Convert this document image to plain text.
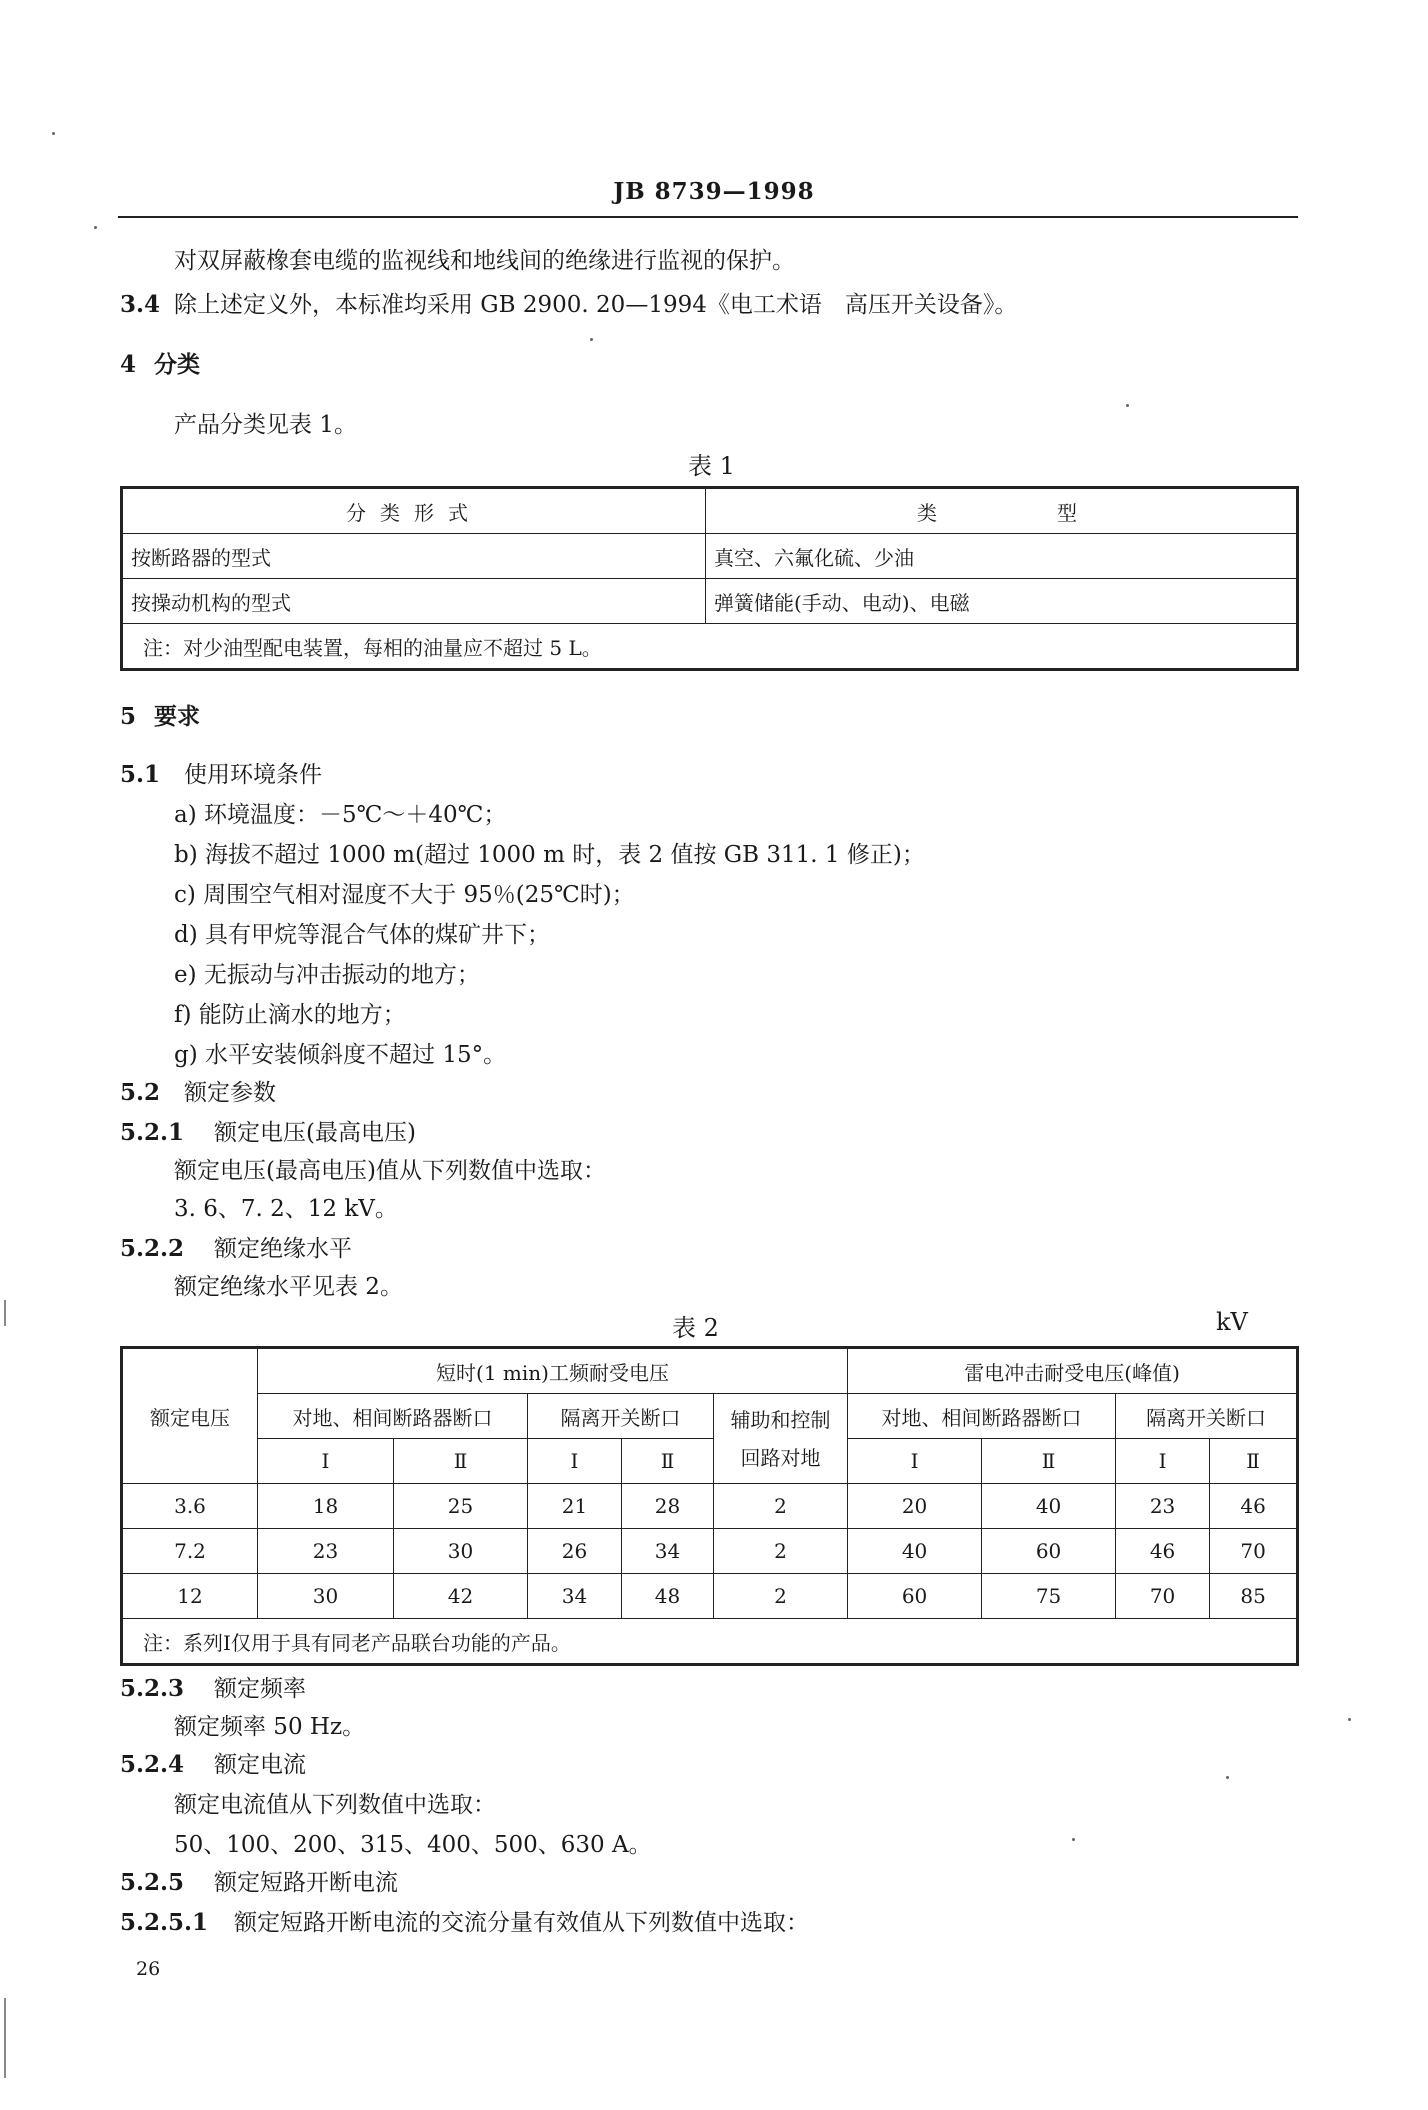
JB 8739—1998
对双屏蔽橡套电缆的监视线和地线间的绝缘进行监视的保护。
3.4 除上述定义外，本标准均采用 GB 2900. 20—1994《电工术语　高压开关设备》。
4 分类
产品分类见表 1。
表 1
分类形式	类型
按断路器的型式	真空、六氟化硫、少油
按操动机构的型式	弹簧储能(手动、电动)、电磁
注：对少油型配电装置，每相的油量应不超过 5 L。	
5 要求
5.1 使用环境条件
a) 环境温度：－5℃～＋40℃；
b) 海拔不超过 1000 m(超过 1000 m 时，表 2 值按 GB 311. 1 修正)；
c) 周围空气相对湿度不大于 95％(25℃时)；
d) 具有甲烷等混合气体的煤矿井下；
e) 无振动与冲击振动的地方；
f) 能防止滴水的地方；
g) 水平安装倾斜度不超过 15°。
5.2 额定参数
5.2.1 额定电压(最高电压)
额定电压(最高电压)值从下列数值中选取：
3. 6、7. 2、12 kV。
5.2.2 额定绝缘水平
额定绝缘水平见表 2。
表 2	kV
额定电压	短时(1 min)工频耐受电压					雷电冲击耐受电压(峰值)			
	对地、相间断路器断口		隔离开关断口		辅助和控制回路对地	对地、相间断路器断口		隔离开关断口	
	Ⅰ	Ⅱ	Ⅰ	Ⅱ		Ⅰ	Ⅱ	Ⅰ	Ⅱ
3.6	18	25	21	28	2	20	40	23	46
7.2	23	30	26	34	2	40	60	46	70
12	30	42	34	48	2	60	75	70	85
注：系列Ⅰ仅用于具有同老产品联台功能的产品。									
5.2.3 额定频率
额定频率 50 Hz。
5.2.4 额定电流
额定电流值从下列数值中选取：
50、100、200、315、400、500、630 A。
5.2.5 额定短路开断电流
5.2.5.1 额定短路开断电流的交流分量有效值从下列数值中选取：
26
